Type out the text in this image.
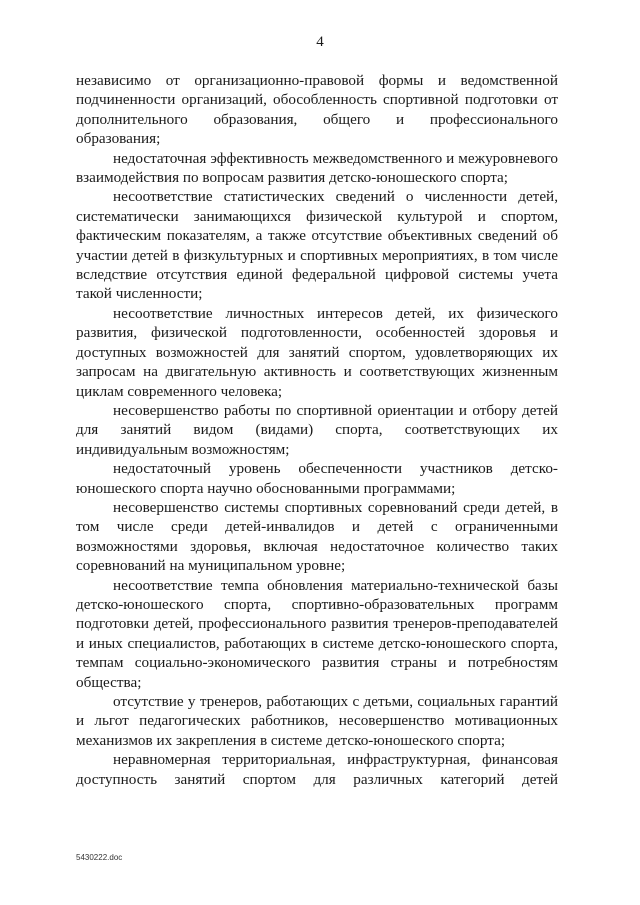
4

независимо от организационно-правовой формы и ведомственной подчиненности организаций, обособленность спортивной подготовки от дополнительного образования, общего и профессионального образования;

недостаточная эффективность межведомственного и межуровневого взаимодействия по вопросам развития детско-юношеского спорта;

несоответствие статистических сведений о численности детей, систематически занимающихся физической культурой и спортом, фактическим показателям, а также отсутствие объективных сведений об участии детей в физкультурных и спортивных мероприятиях, в том числе вследствие отсутствия единой федеральной цифровой системы учета такой численности;

несоответствие личностных интересов детей, их физического развития, физической подготовленности, особенностей здоровья и доступных возможностей для занятий спортом, удовлетворяющих их запросам на двигательную активность и соответствующих жизненным циклам современного человека;

несовершенство работы по спортивной ориентации и отбору детей для занятий видом (видами) спорта, соответствующих их индивидуальным возможностям;

недостаточный уровень обеспеченности участников детско-юношеского спорта научно обоснованными программами;

несовершенство системы спортивных соревнований среди детей, в том числе среди детей-инвалидов и детей с ограниченными возможностями здоровья, включая недостаточное количество таких соревнований на муниципальном уровне;

несоответствие темпа обновления материально-технической базы детско-юношеского спорта, спортивно-образовательных программ подготовки детей, профессионального развития тренеров-преподавателей и иных специалистов, работающих в системе детско-юношеского спорта, темпам социально-экономического развития страны и потребностям общества;

отсутствие у тренеров, работающих с детьми, социальных гарантий и льгот педагогических работников, несовершенство мотивационных механизмов их закрепления в системе детско-юношеского спорта;

неравномерная территориальная, инфраструктурная, финансовая доступность занятий спортом для различных категорий детей

5430222.doc
